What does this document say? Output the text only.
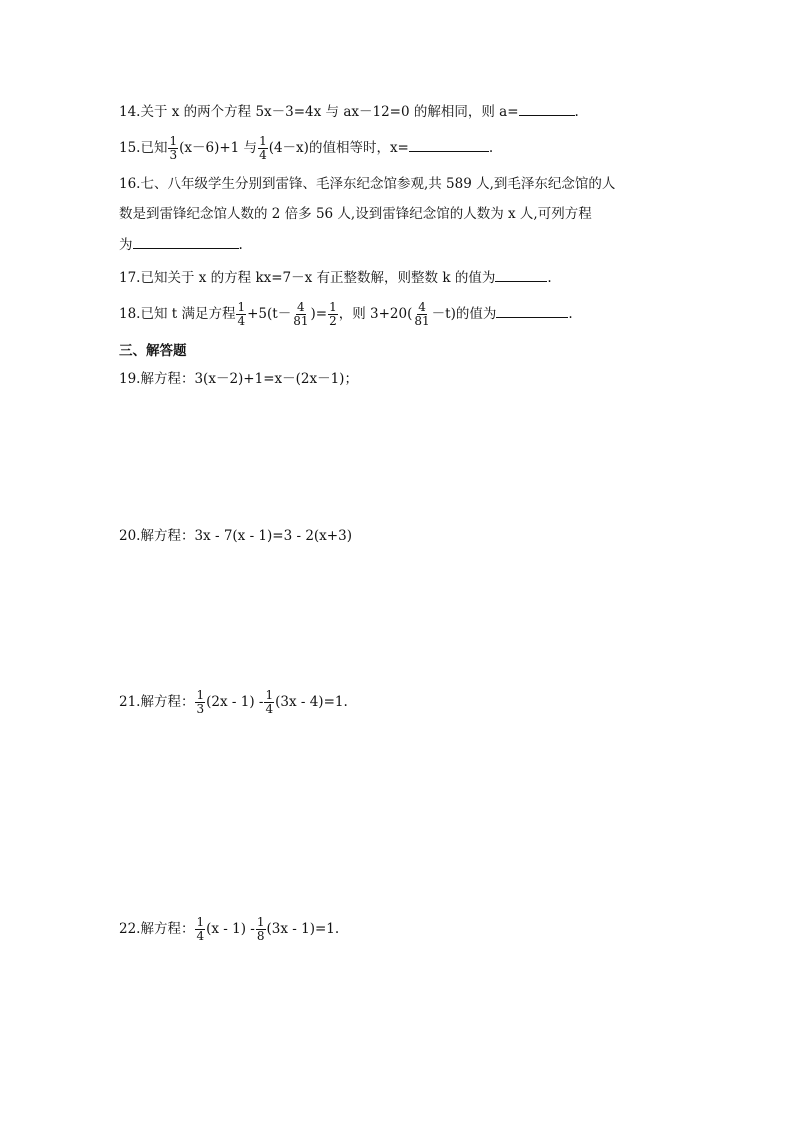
14.关于 x 的两个方程 5x－3=4x 与 ax－12=0 的解相同，则 a=	.
15.已知 $\frac{1}{3} (x-6)+1$ 与 $\frac{1}{4} (4-x)$的值相等时，x=	.
16.七、八年级学生分别到雷锋、毛泽东纪念馆参观,共 589 人,到毛泽东纪念馆的人
数是到雷锋纪念馆人数的 2 倍多 56 人,设到雷锋纪念馆的人数为 x 人,可列方程
为	.
17.已知关于 x 的方程 kx=7－x 有正整数解，则整数 k 的值为	.
18.已知 t 满足方程 $\frac{1}{4} +5(t- \frac{4}{81}$ )= $\frac{1}{2}$ ，则 $3+20( \frac{4}{81} -t)$的值为	.
三、解答题
19.解方程：3(x－2)+1=x－(2x－1)；
20.解方程：3x - 7(x - 1)=3 - 2(x+3)
21.解方程： $\frac{1}{3} (2x - 1) - \frac{1}{4} (3x - 4)=1$.
22.解方程： $\frac{1}{4} (x - 1) - \frac{1}{8} (3x - 1)=1$.
